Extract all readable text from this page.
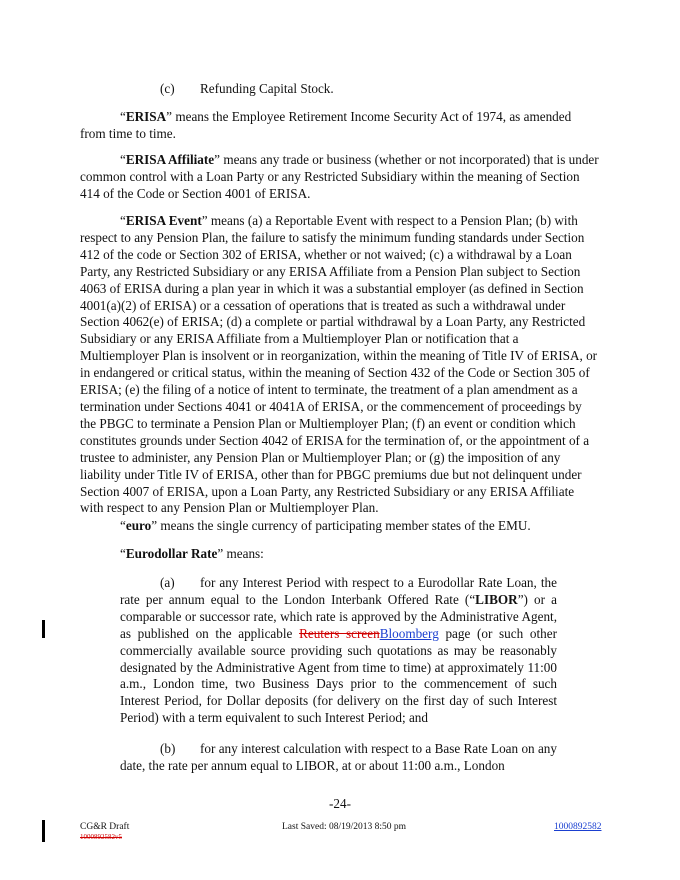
(c) Refunding Capital Stock.

“ERISA” means the Employee Retirement Income Security Act of 1974, as amended from time to time.

“ERISA Affiliate” means any trade or business (whether or not incorporated) that is under common control with a Loan Party or any Restricted Subsidiary within the meaning of Section 414 of the Code or Section 4001 of ERISA.

“ERISA Event” means (a) a Reportable Event with respect to a Pension Plan; (b) with respect to any Pension Plan, the failure to satisfy the minimum funding standards under Section 412 of the code or Section 302 of ERISA, whether or not waived; (c) a withdrawal by a Loan Party, any Restricted Subsidiary or any ERISA Affiliate from a Pension Plan subject to Section 4063 of ERISA during a plan year in which it was a substantial employer (as defined in Section 4001(a)(2) of ERISA) or a cessation of operations that is treated as such a withdrawal under Section 4062(e) of ERISA; (d) a complete or partial withdrawal by a Loan Party, any Restricted Subsidiary or any ERISA Affiliate from a Multiemployer Plan or notification that a Multiemployer Plan is insolvent or in reorganization, within the meaning of Title IV of ERISA, or in endangered or critical status, within the meaning of Section 432 of the Code or Section 305 of ERISA; (e) the filing of a notice of intent to terminate, the treatment of a plan amendment as a termination under Sections 4041 or 4041A of ERISA, or the commencement of proceedings by the PBGC to terminate a Pension Plan or Multiemployer Plan; (f) an event or condition which constitutes grounds under Section 4042 of ERISA for the termination of, or the appointment of a trustee to administer, any Pension Plan or Multiemployer Plan; or (g) the imposition of any liability under Title IV of ERISA, other than for PBGC premiums due but not delinquent under Section 4007 of ERISA, upon a Loan Party, any Restricted Subsidiary or any ERISA Affiliate with respect to any Pension Plan or Multiemployer Plan.

“euro” means the single currency of participating member states of the EMU.

“Eurodollar Rate” means:

(a) for any Interest Period with respect to a Eurodollar Rate Loan, the rate per annum equal to the London Interbank Offered Rate (“LIBOR”) or a comparable or successor rate, which rate is approved by the Administrative Agent, as published on the applicable Reuters screenBloomberg page (or such other commercially available source providing such quotations as may be reasonably designated by the Administrative Agent from time to time) at approximately 11:00 a.m., London time, two Business Days prior to the commencement of such Interest Period, for Dollar deposits (for delivery on the first day of such Interest Period) with a term equivalent to such Interest Period; and

(b) for any interest calculation with respect to a Base Rate Loan on any date, the rate per annum equal to LIBOR, at or about 11:00 a.m., London

-24-
CG&R Draft
1000892582v5
Last Saved: 08/19/2013 8:50 pm	1000892582
